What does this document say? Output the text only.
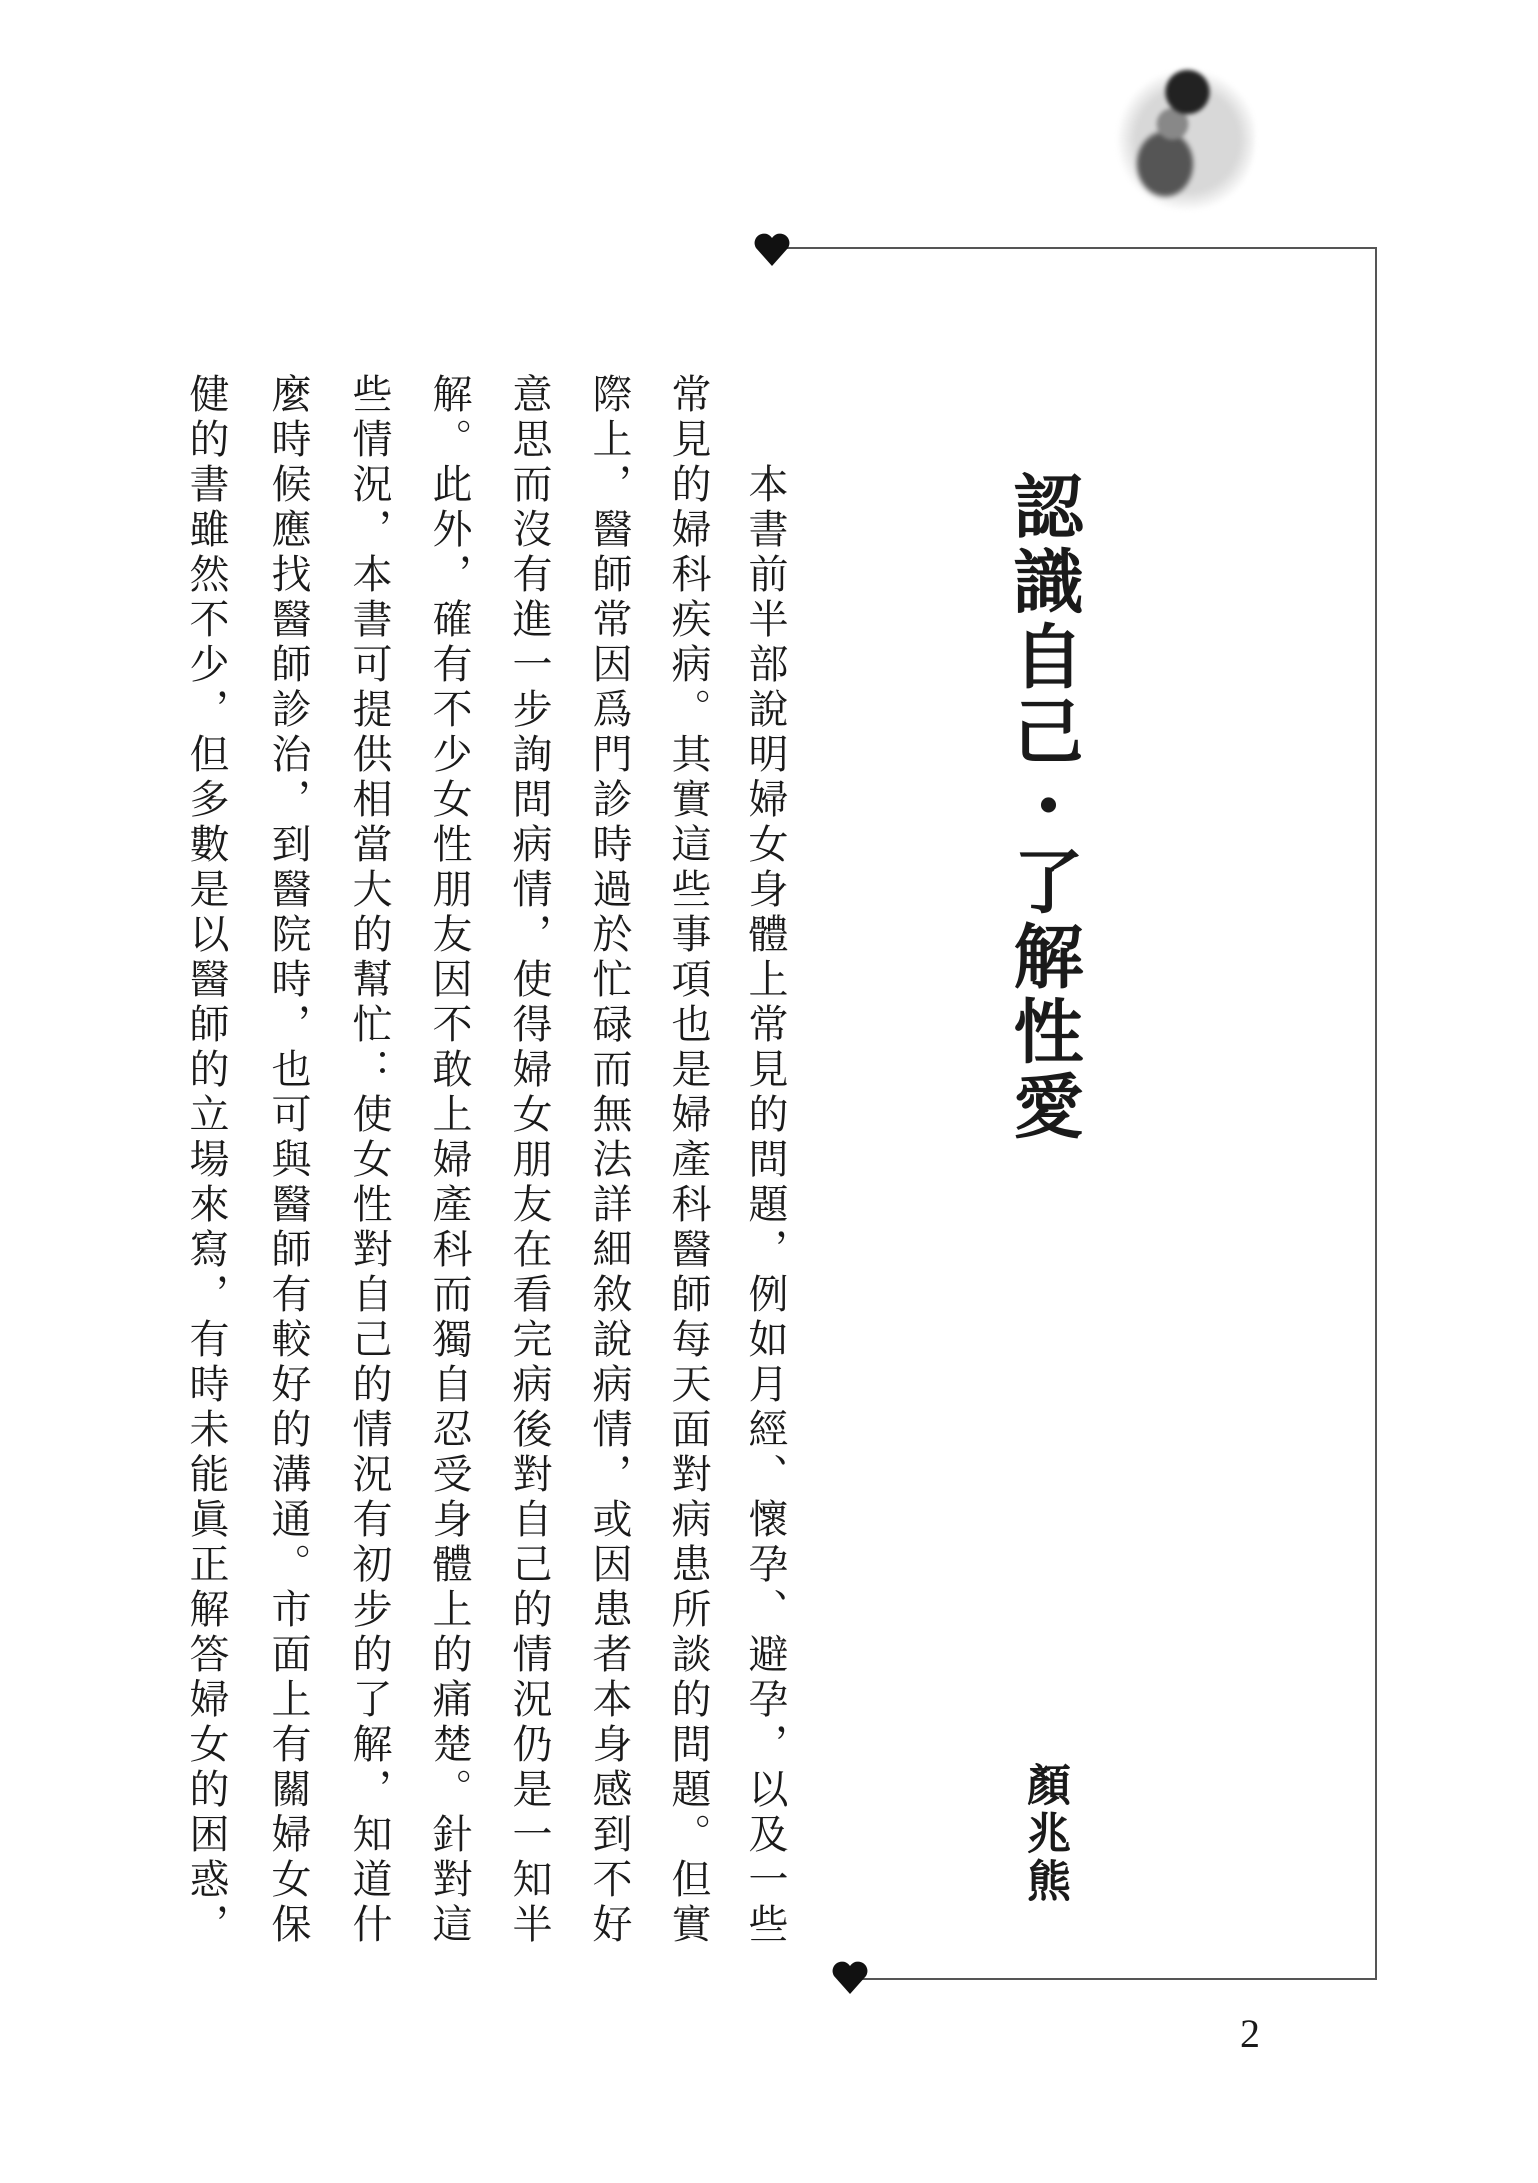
認識自己・了解性愛
顏兆熊
本書前半部說明婦女身體上常見的問題，例如月經、懷孕、避孕，以及一些
常見的婦科疾病。其實這些事項也是婦產科醫師每天面對病患所談的問題。但實
際上，醫師常因爲門診時過於忙碌而無法詳細敘說病情，或因患者本身感到不好
意思而沒有進一步詢問病情，使得婦女朋友在看完病後對自己的情況仍是一知半
解。此外，確有不少女性朋友因不敢上婦產科而獨自忍受身體上的痛楚。針對這
些情況，本書可提供相當大的幫忙：使女性對自己的情況有初步的了解，知道什
麼時候應找醫師診治，到醫院時，也可與醫師有較好的溝通。市面上有關婦女保
健的書雖然不少，但多數是以醫師的立場來寫，有時未能眞正解答婦女的困惑，
2
